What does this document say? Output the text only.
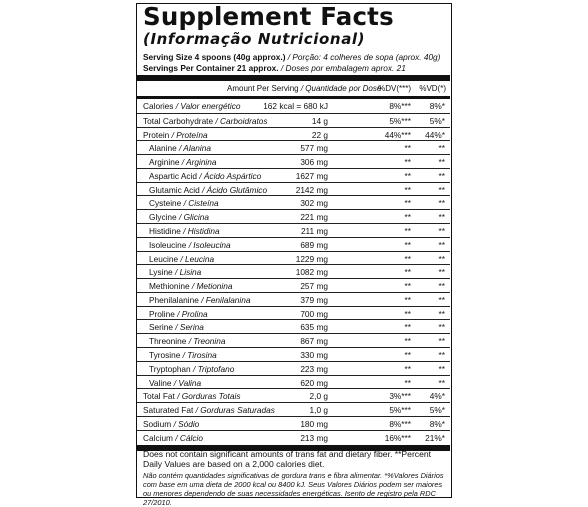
Supplement Facts
(Informação Nutricional)
Serving Size 4 spoons (40g approx.) / Porção: 4 colheres de sopa (aprox. 40g)
Servings Per Container 21 approx. / Doses por embalagem aprox. 21
Amount Per Serving / Quantidade por Dose
%DV(***) %VD(*)
Calories / Valor energético	162 kcal = 680 kJ	8%*** 8%*
Total Carbohydrate / Carboidratos	14 g	5%*** 5%*
Protein / Proteína	22 g	44%*** 44%*
Alanine / Alanina	577 mg	**	**
Arginine / Arginina	306 mg	**	**
Aspartic Acid / Ácido Aspártico	1627 mg	**	**
Glutamic Acid / Ácido Glutâmico	2142 mg	**	**
Cysteine / Cisteína	302 mg	**	**
Glycine / Glicina	221 mg	**	**
Histidine / Histidina	211 mg	**	**
Isoleucine / Isoleucina	689 mg	**	**
Leucine / Leucina	1229 mg	**	**
Lysine / Lisina	1082 mg	**	**
Methionine / Metionina	257 mg	**	**
Phenilalanine / Fenilalanina	379 mg	**	**
Proline / Prolina	700 mg	**	**
Serine / Serina	635 mg	**	**
Threonine / Treonina	867 mg	**	**
Tyrosine / Tirosina	330 mg	**	**
Tryptophan / Triptofano	223 mg	**	**
Valine / Valina	620 mg	**	**
Total Fat / Gorduras Totais	2,0 g	3%*** 4%*
Saturated Fat / Gorduras Saturadas	1,0 g	5%*** 5%*
Sodium / Sódio	180 mg	8%*** 8%*
Calcium / Cálcio	213 mg	16%*** 21%*
Does not contain significant amounts of trans fat and dietary fiber. **Percent Daily Values are based on a 2,000 calories diet.
Não contém quantidades significativas de gordura trans e fibra alimentar. *%Valores Diários com base em uma dieta de 2000 kcal ou 8400 kJ. Seus Valores Diários podem ser maiores ou menores dependendo de suas necessidades energéticas. Isento de registro pela RDC 27/2010.
